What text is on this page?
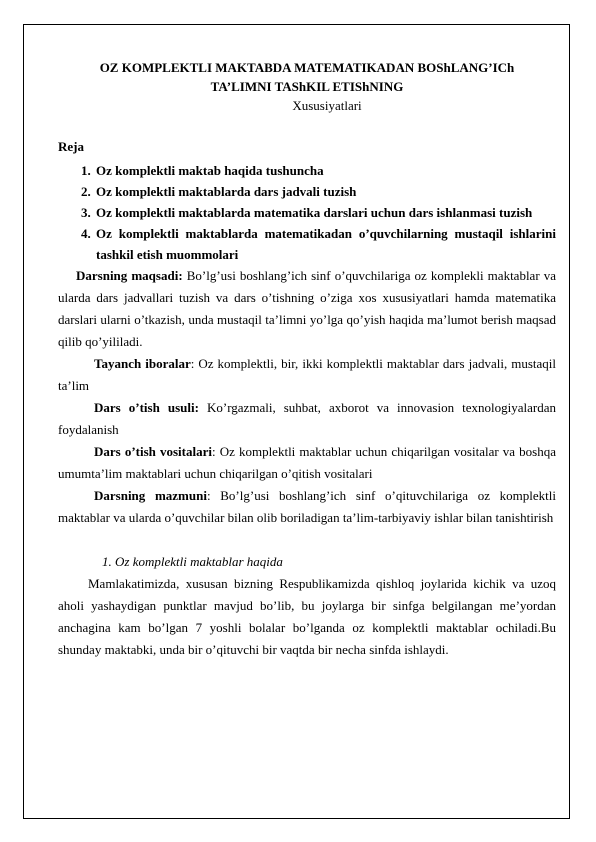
OZ KOMPLEKTLI MAKTABDA MATEMATIKADAN BOShLANG’ICh

TA’LIMNI TAShKIL ETIShNING

Xususiyatlari

Reja

1. Oz komplektli maktab haqida tushuncha
2. Oz komplektli maktablarda dars jadvali tuzish
3. Oz komplektli maktablarda matematika darslari uchun dars ishlanmasi tuzish
4. Oz komplektli maktablarda matematikadan o’quvchilarning mustaqil ishlarini tashkil etish muommolari

Darsning maqsadi: Bo’lg’usi boshlang’ich sinf o’quvchilariga oz komplekli maktablar va ularda dars jadvallari tuzish va dars o’tishning o’ziga xos xususiyatlari hamda matematika darslari ularni o’tkazish, unda mustaqil ta’limni yo’lga qo’yish haqida ma’lumot berish maqsad qilib qo’yililadi.

Tayanch iboralar: Oz komplektli, bir, ikki komplektli maktablar dars jadvali, mustaqil ta’lim

Dars o’tish usuli: Ko’rgazmali, suhbat, axborot va innovasion texnologiyalardan foydalanish

Dars o’tish vositalari: Oz komplektli maktablar uchun chiqarilgan vositalar va boshqa umumta’lim maktablari uchun chiqarilgan o’qitish vositalari

Darsning mazmuni: Bo’lg’usi boshlang’ich sinf o’qituvchilariga oz komplektli maktablar va ularda o’quvchilar bilan olib boriladigan ta’lim-tarbiyaviy ishlar bilan tanishtirish

1. Oz komplektli maktablar haqida

Mamlakatimizda, xususan bizning Respublikamizda qishloq joylarida kichik va uzoq aholi yashaydigan punktlar mavjud bo’lib, bu joylarga bir sinfga belgilangan me’yordan anchagina kam bo’lgan 7 yoshli bolalar bo’lganda oz komplektli maktablar ochiladi.Bu shunday maktabki, unda bir o’qituvchi bir vaqtda bir necha sinfda ishlaydi.
